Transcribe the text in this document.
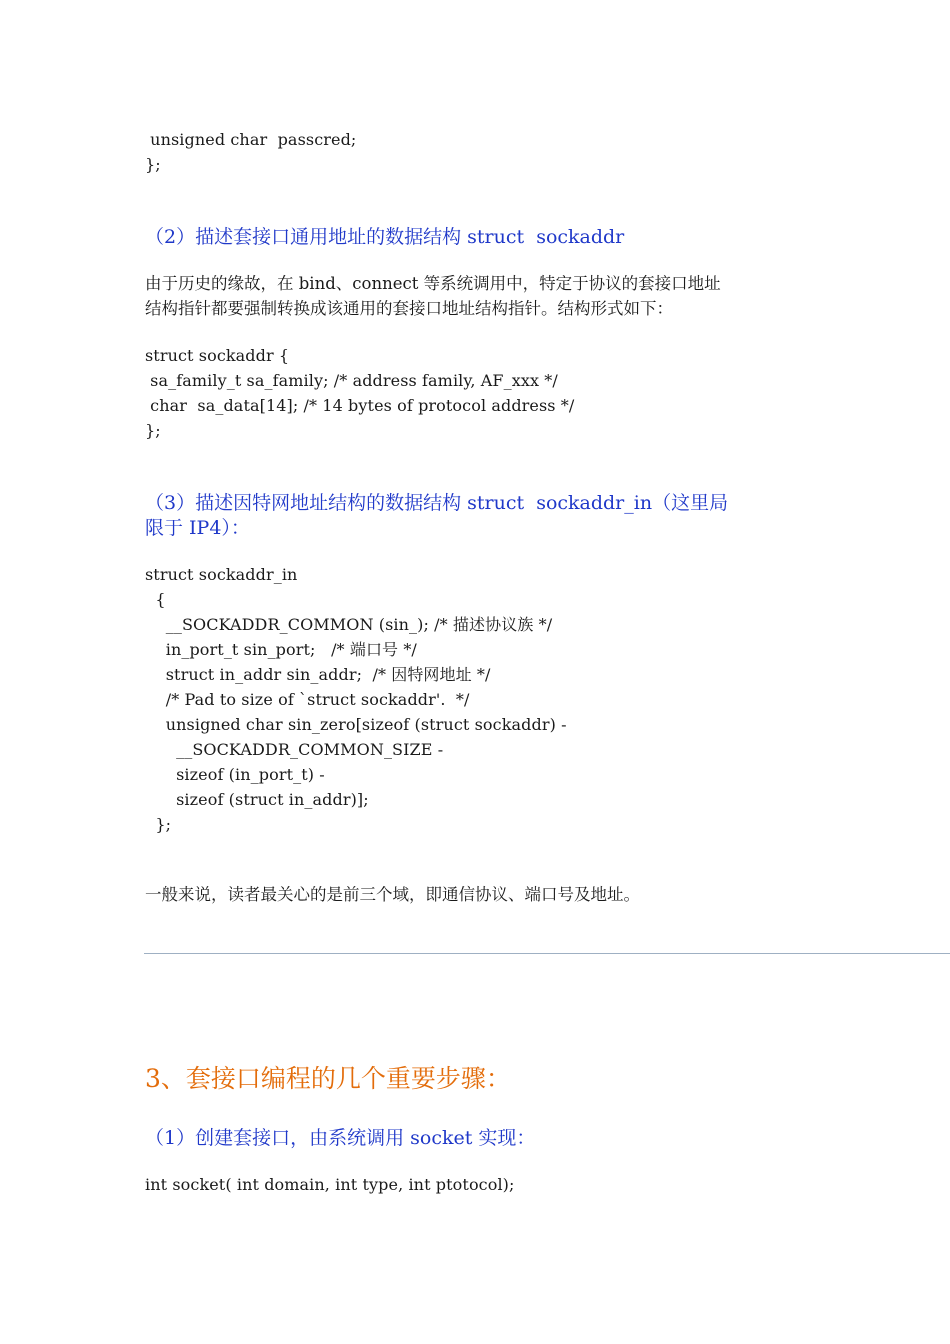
unsigned char  passcred;
};
（2）描述套接口通用地址的数据结构 struct  sockaddr
由于历史的缘故，在 bind、connect 等系统调用中，特定于协议的套接口地址
结构指针都要强制转换成该通用的套接口地址结构指针。结构形式如下：
struct sockaddr {
sa_family_t sa_family; /* address family, AF_xxx */
char  sa_data[14]; /* 14 bytes of protocol address */
};
（3）描述因特网地址结构的数据结构 struct  sockaddr_in（这里局
限于 IP4）：
struct sockaddr_in
{
__SOCKADDR_COMMON (sin_); /* 描述协议族 */
in_port_t sin_port;   /* 端口号 */
struct in_addr sin_addr;  /* 因特网地址 */
/* Pad to size of `struct sockaddr'.  */
unsigned char sin_zero[sizeof (struct sockaddr) -
__SOCKADDR_COMMON_SIZE -
sizeof (in_port_t) -
sizeof (struct in_addr)];
};
一般来说，读者最关心的是前三个域，即通信协议、端口号及地址。
3、套接口编程的几个重要步骤：
（1）创建套接口，由系统调用 socket 实现：
int socket( int domain, int type, int ptotocol);
